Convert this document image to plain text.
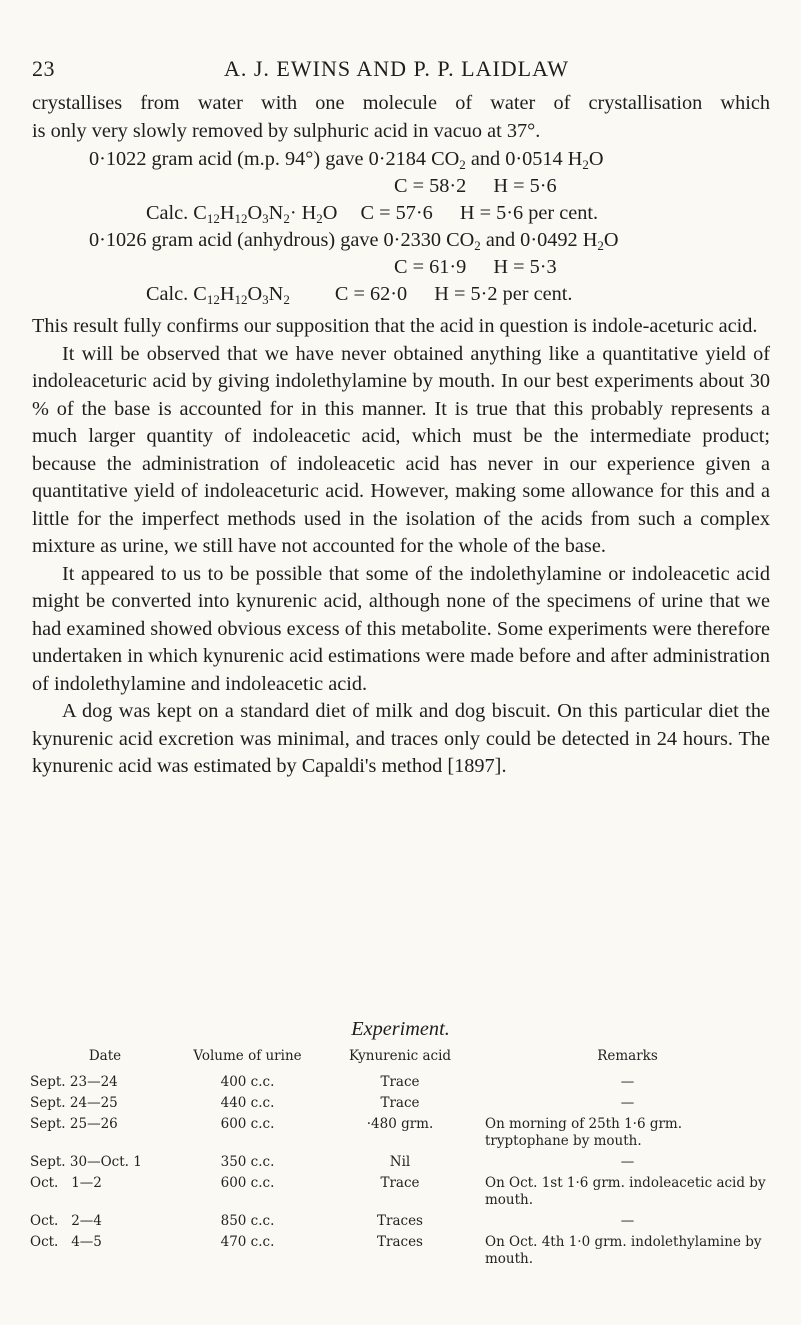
23	A. J. EWINS AND P. P. LAIDLAW
crystallises from water with one molecule of water of crystallisation which
is only very slowly removed by sulphuric acid in vacuo at 37°.
0·1022 gram acid (m.p. 94°) gave 0·2184 $CO_2$ and 0·0514 $H_2O$
C = 58·2 H = 5·6
Calc. $C_{12}H_{12}O_3N_2\cdot H_2O$ C = 57·6 H = 5·6 per cent.
0·1026 gram acid (anhydrous) gave 0·2330 $CO_2$ and 0·0492 $H_2O$
C = 61·9 H = 5·3
Calc. $C_{12}H_{12}O_3N_2$ C = 62·0 H = 5·2 per cent.

This result fully confirms our supposition that the acid in question is indole-aceturic acid.

It will be observed that we have never obtained anything like a quantitative yield of indoleaceturic acid by giving indolethylamine by mouth. In our best experiments about 30 % of the base is accounted for in this manner. It is true that this probably represents a much larger quantity of indoleacetic acid, which must be the intermediate product; because the administration of indoleacetic acid has never in our experience given a quantitative yield of indoleaceturic acid. However, making some allowance for this and a little for the imperfect methods used in the isolation of the acids from such a complex mixture as urine, we still have not accounted for the whole of the base.

It appeared to us to be possible that some of the indolethylamine or indoleacetic acid might be converted into kynurenic acid, although none of the specimens of urine that we had examined showed obvious excess of this metabolite. Some experiments were therefore undertaken in which kynurenic acid estimations were made before and after administration of indolethylamine and indoleacetic acid.

A dog was kept on a standard diet of milk and dog biscuit. On this particular diet the kynurenic acid excretion was minimal, and traces only could be detected in 24 hours. The kynurenic acid was estimated by Capaldi's method [1897].

Experiment.
Date	Volume of urine	Kynurenic acid	Remarks
Sept. 23—24	400 c.c.	Trace	—
Sept. 24—25	440 c.c.	Trace	—
Sept. 25—26	600 c.c.	·480 grm.	On morning of 25th 1·6 grm. tryptophane by mouth.
Sept. 30—Oct. 1	350 c.c.	Nil	—
Oct.   1—2	600 c.c.	Trace	On Oct. 1st 1·6 grm. indoleacetic acid by mouth.
Oct.   2—4	850 c.c.	Traces	—
Oct.   4—5	470 c.c.	Traces	On Oct. 4th 1·0 grm. indolethylamine by mouth.
